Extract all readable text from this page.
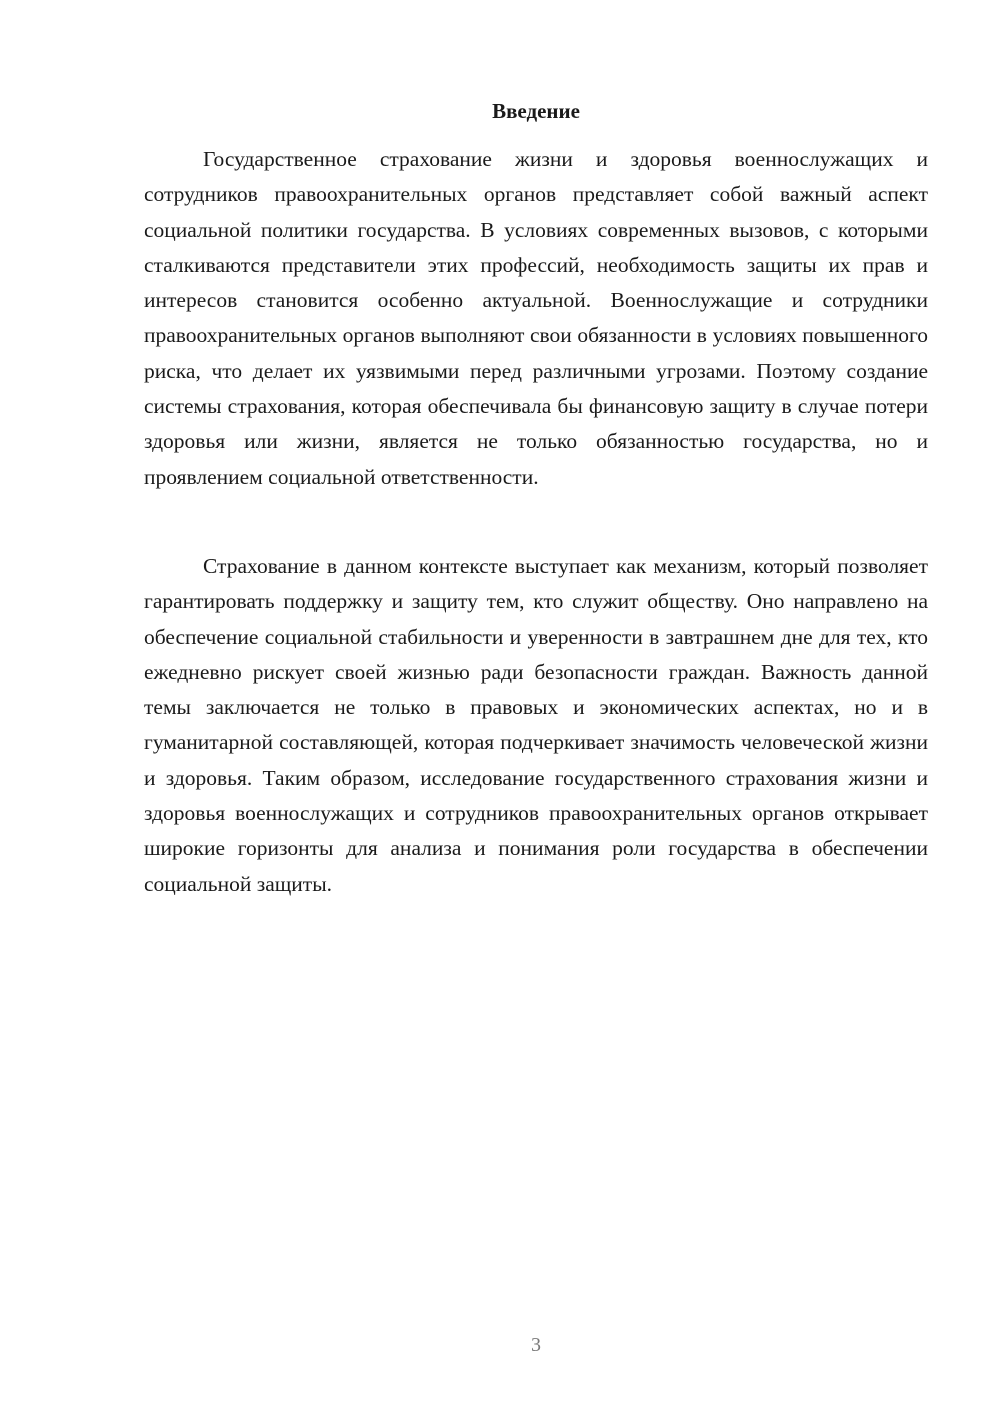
Введение

Государственное страхование жизни и здоровья военнослужащих и сотрудников правоохранительных органов представляет собой важный аспект социальной политики государства. В условиях современных вызовов, с которыми сталкиваются представители этих профессий, необходимость защиты их прав и интересов становится особенно актуальной. Военнослужащие и сотрудники правоохранительных органов выполняют свои обязанности в условиях повышенного риска, что делает их уязвимыми перед различными угрозами. Поэтому создание системы страхования, которая обеспечивала бы финансовую защиту в случае потери здоровья или жизни, является не только обязанностью государства, но и проявлением социальной ответственности.

Страхование в данном контексте выступает как механизм, который позволяет гарантировать поддержку и защиту тем, кто служит обществу. Оно направлено на обеспечение социальной стабильности и уверенности в завтрашнем дне для тех, кто ежедневно рискует своей жизнью ради безопасности граждан. Важность данной темы заключается не только в правовых и экономических аспектах, но и в гуманитарной составляющей, которая подчеркивает значимость человеческой жизни и здоровья. Таким образом, исследование государственного страхования жизни и здоровья военнослужащих и сотрудников правоохранительных органов открывает широкие горизонты для анализа и понимания роли государства в обеспечении социальной защиты.

3
